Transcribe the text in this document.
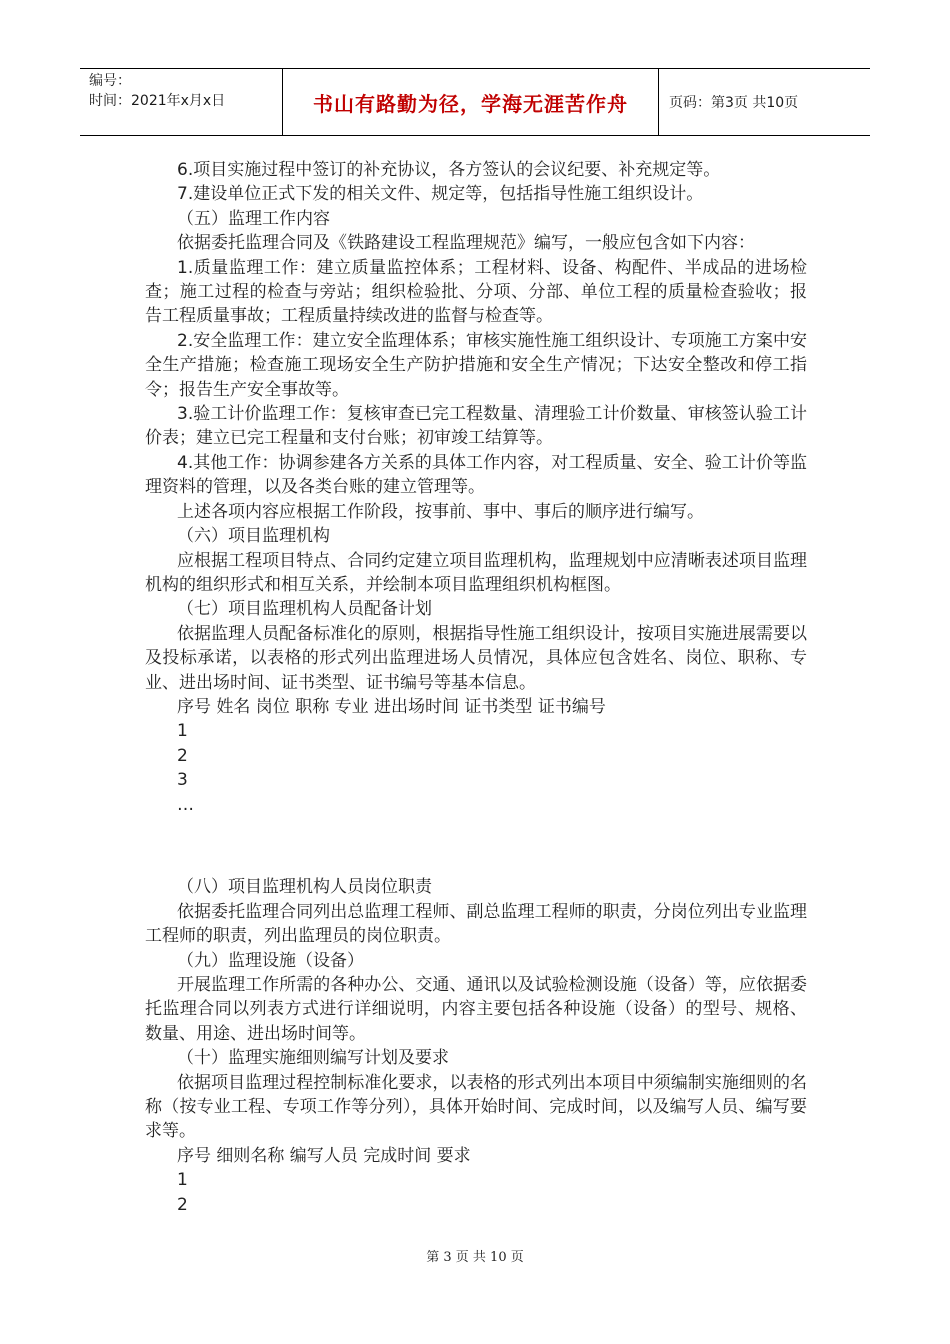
编号：
时间：2021年x月x日	书山有路勤为径，学海无涯苦作舟	页码：第3页 共10页

6.项目实施过程中签订的补充协议，各方签认的会议纪要、补充规定等。

7.建设单位正式下发的相关文件、规定等，包括指导性施工组织设计。

（五）监理工作内容

依据委托监理合同及《铁路建设工程监理规范》编写，一般应包含如下内容：

1.质量监理工作：建立质量监控体系；工程材料、设备、构配件、半成品的进场检查；施工过程的检查与旁站；组织检验批、分项、分部、单位工程的质量检查验收；报告工程质量事故；工程质量持续改进的监督与检查等。

2.安全监理工作：建立安全监理体系；审核实施性施工组织设计、专项施工方案中安全生产措施；检查施工现场安全生产防护措施和安全生产情况；下达安全整改和停工指令；报告生产安全事故等。

3.验工计价监理工作：复核审查已完工程数量、清理验工计价数量、审核签认验工计价表；建立已完工程量和支付台账；初审竣工结算等。

4.其他工作：协调参建各方关系的具体工作内容，对工程质量、安全、验工计价等监理资料的管理，以及各类台账的建立管理等。

上述各项内容应根据工作阶段，按事前、事中、事后的顺序进行编写。

（六）项目监理机构

应根据工程项目特点、合同约定建立项目监理机构，监理规划中应清晰表述项目监理机构的组织形式和相互关系，并绘制本项目监理组织机构框图。

（七）项目监理机构人员配备计划

依据监理人员配备标准化的原则，根据指导性施工组织设计，按项目实施进展需要以及投标承诺，以表格的形式列出监理进场人员情况，具体应包含姓名、岗位、职称、专业、进出场时间、证书类型、证书编号等基本信息。

序号 姓名 岗位 职称 专业 进出场时间 证书类型 证书编号

1

2

3

…

（八）项目监理机构人员岗位职责

依据委托监理合同列出总监理工程师、副总监理工程师的职责，分岗位列出专业监理工程师的职责，列出监理员的岗位职责。

（九）监理设施（设备）

开展监理工作所需的各种办公、交通、通讯以及试验检测设施（设备）等，应依据委托监理合同以列表方式进行详细说明，内容主要包括各种设施（设备）的型号、规格、数量、用途、进出场时间等。

（十）监理实施细则编写计划及要求

依据项目监理过程控制标准化要求，以表格的形式列出本项目中须编制实施细则的名称（按专业工程、专项工作等分列），具体开始时间、完成时间，以及编写人员、编写要求等。

序号 细则名称 编写人员 完成时间 要求

1

2

第 3 页 共 10 页
